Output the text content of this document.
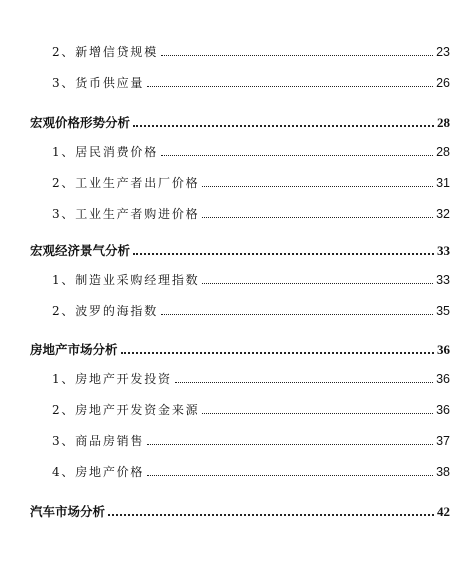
2、新增信贷规模	23
3、货币供应量	26
宏观价格形势分析	28
1、居民消费价格	28
2、工业生产者出厂价格	31
3、工业生产者购进价格	32
宏观经济景气分析	33
1、制造业采购经理指数	33
2、波罗的海指数	35
房地产市场分析	36
1、房地产开发投资	36
2、房地产开发资金来源	36
3、商品房销售	37
4、房地产价格	38
汽车市场分析	42
